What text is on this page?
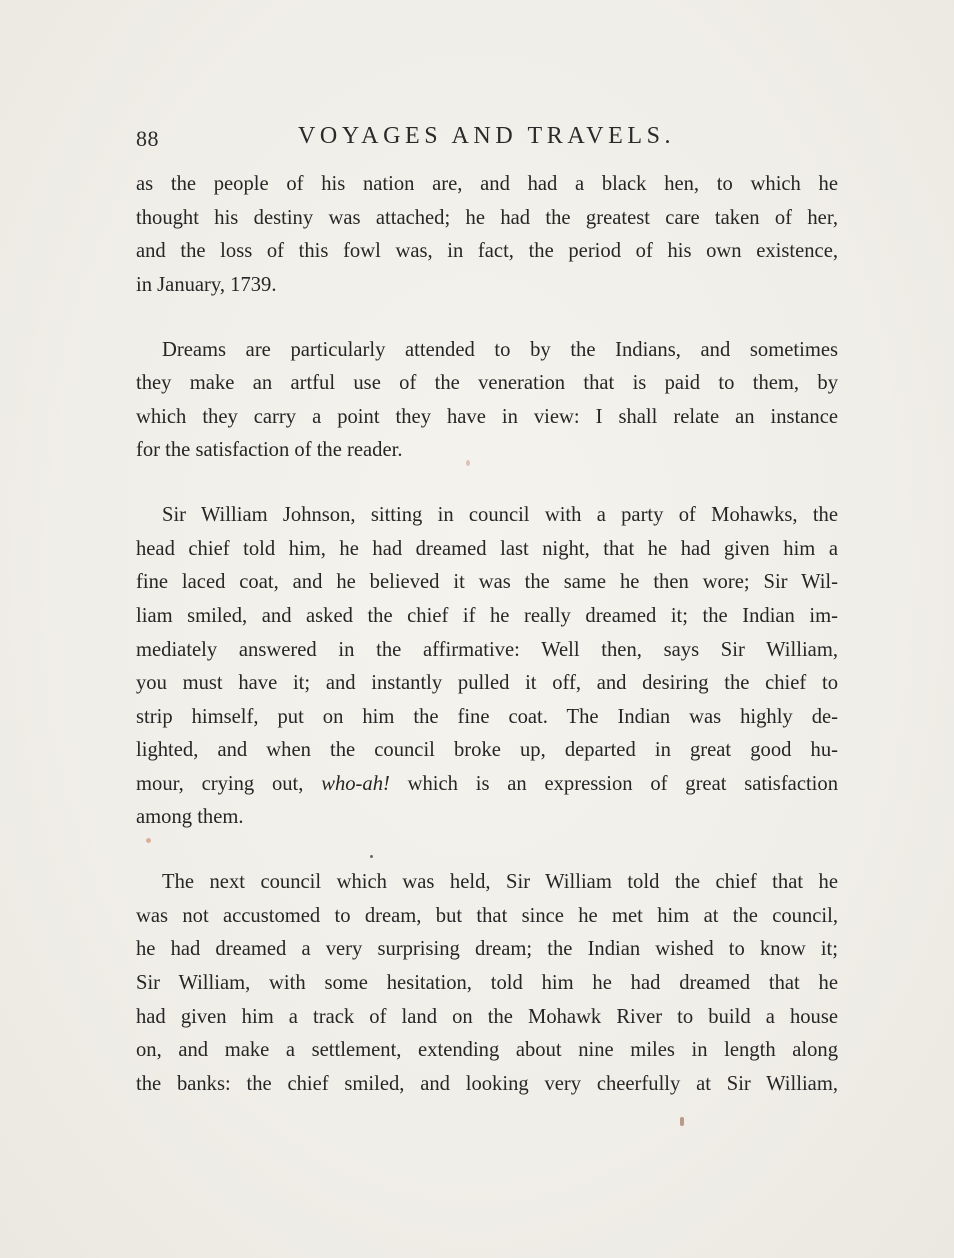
88	VOYAGES AND TRAVELS.
as the people of his nation are, and had a black hen, to which he
thought his destiny was attached; he had the greatest care taken of her,
and the loss of this fowl was, in fact, the period of his own existence,
in January, 1739.
Dreams are particularly attended to by the Indians, and sometimes
they make an artful use of the veneration that is paid to them, by
which they carry a point they have in view: I shall relate an instance
for the satisfaction of the reader.
Sir William Johnson, sitting in council with a party of Mohawks, the
head chief told him, he had dreamed last night, that he had given him a
fine laced coat, and he believed it was the same he then wore; Sir Wil-
liam smiled, and asked the chief if he really dreamed it; the Indian im-
mediately answered in the affirmative: Well then, says Sir William,
you must have it; and instantly pulled it off, and desiring the chief to
strip himself, put on him the fine coat. The Indian was highly de-
lighted, and when the council broke up, departed in great good hu-
mour, crying out, who-ah! which is an expression of great satisfaction
among them.
The next council which was held, Sir William told the chief that he
was not accustomed to dream, but that since he met him at the council,
he had dreamed a very surprising dream; the Indian wished to know it;
Sir William, with some hesitation, told him he had dreamed that he
had given him a track of land on the Mohawk River to build a house
on, and make a settlement, extending about nine miles in length along
the banks: the chief smiled, and looking very cheerfully at Sir William,
